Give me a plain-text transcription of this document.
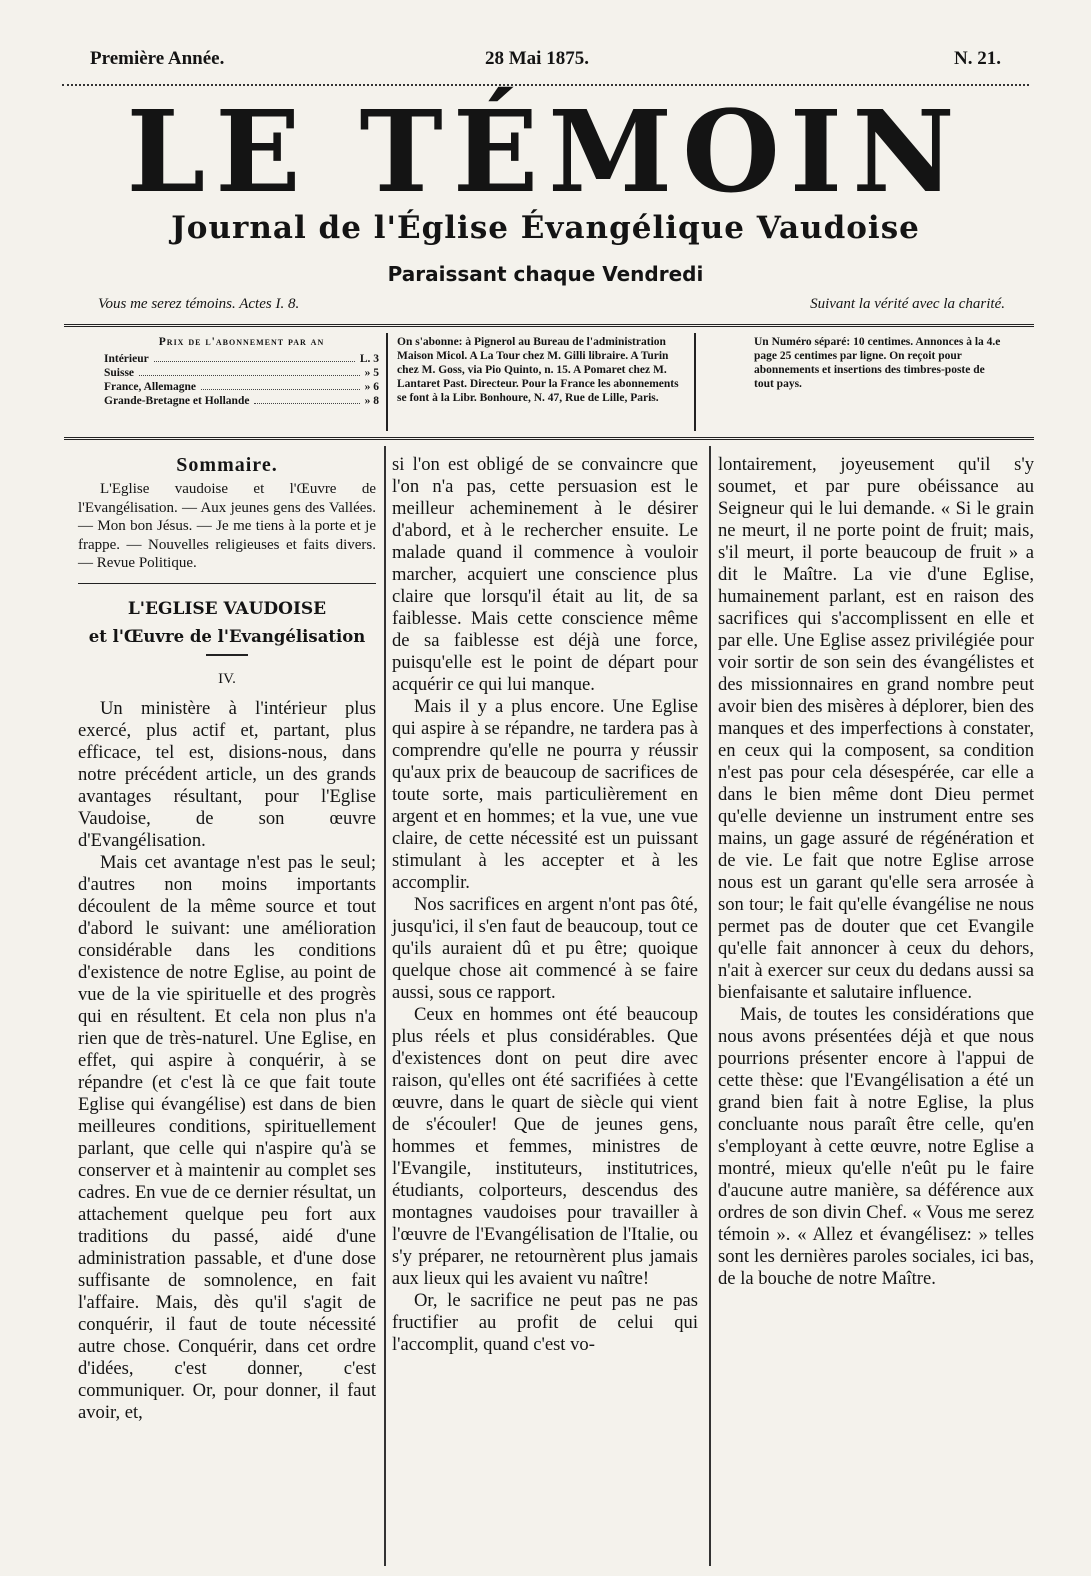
Première Année.	28 Mai 1875.	N. 21.
LE TÉMOIN
Journal de l'Église Évangélique Vaudoise
Paraissant chaque Vendredi
Vous me serez témoins. Actes I. 8.	Suivant la vérité avec la charité.
Prix de l'abonnement par an
Intérieur	L. 3
Suisse	» 5
France, Allemagne	» 6
Grande-Bretagne et Hollande	» 8
On s'abonne: à Pignerol au Bureau de l'administration Maison Micol. A La Tour chez M. Gilli libraire. A Turin chez M. Goss, via Pio Quinto, n. 15. A Pomaret chez M. Lantaret Past. Directeur. Pour la France les abonnements se font à la Libr. Bonhoure, N. 47, Rue de Lille, Paris.
Un Numéro séparé: 10 centimes. Annonces à la 4.e page 25 centimes par ligne. On reçoit pour abonnements et insertions des timbres-poste de tout pays.
Sommaire.

L'Eglise vaudoise et l'Œuvre de l'Evangélisation. — Aux jeunes gens des Vallées. — Mon bon Jésus. — Je me tiens à la porte et je frappe. — Nouvelles religieuses et faits divers. — Revue Politique.

L'EGLISE VAUDOISE
et l'Œuvre de l'Evangélisation
IV.

Un ministère à l'intérieur plus exercé, plus actif et, partant, plus efficace, tel est, disions-nous, dans notre précédent article, un des grands avantages résultant, pour l'Eglise Vaudoise, de son œuvre d'Evangélisation.

Mais cet avantage n'est pas le seul; d'autres non moins importants découlent de la même source et tout d'abord le suivant: une amélioration considérable dans les conditions d'existence de notre Eglise, au point de vue de la vie spirituelle et des progrès qui en résultent. Et cela non plus n'a rien que de très-naturel. Une Eglise, en effet, qui aspire à conquérir, à se répandre (et c'est là ce que fait toute Eglise qui évangélise) est dans de bien meilleures conditions, spirituellement parlant, que celle qui n'aspire qu'à se conserver et à maintenir au complet ses cadres. En vue de ce dernier résultat, un attachement quelque peu fort aux traditions du passé, aidé d'une administration passable, et d'une dose suffisante de somnolence, en fait l'affaire. Mais, dès qu'il s'agit de conquérir, il faut de toute nécessité autre chose. Conquérir, dans cet ordre d'idées, c'est donner, c'est communiquer. Or, pour donner, il faut avoir, et,

si l'on est obligé de se convaincre que l'on n'a pas, cette persuasion est le meilleur acheminement à le désirer d'abord, et à le rechercher ensuite. Le malade quand il commence à vouloir marcher, acquiert une conscience plus claire que lorsqu'il était au lit, de sa faiblesse. Mais cette conscience même de sa faiblesse est déjà une force, puisqu'elle est le point de départ pour acquérir ce qui lui manque.

Mais il y a plus encore. Une Eglise qui aspire à se répandre, ne tardera pas à comprendre qu'elle ne pourra y réussir qu'aux prix de beaucoup de sacrifices de toute sorte, mais particulièrement en argent et en hommes; et la vue, une vue claire, de cette nécessité est un puissant stimulant à les accepter et à les accomplir.

Nos sacrifices en argent n'ont pas ôté, jusqu'ici, il s'en faut de beaucoup, tout ce qu'ils auraient dû et pu être; quoique quelque chose ait commencé à se faire aussi, sous ce rapport.

Ceux en hommes ont été beaucoup plus réels et plus considérables. Que d'existences dont on peut dire avec raison, qu'elles ont été sacrifiées à cette œuvre, dans le quart de siècle qui vient de s'écouler! Que de jeunes gens, hommes et femmes, ministres de l'Evangile, instituteurs, institutrices, étudiants, colporteurs, descendus des montagnes vaudoises pour travailler à l'œuvre de l'Evangélisation de l'Italie, ou s'y préparer, ne retournèrent plus jamais aux lieux qui les avaient vu naître!

Or, le sacrifice ne peut pas ne pas fructifier au profit de celui qui l'accomplit, quand c'est vo-

lontairement, joyeusement qu'il s'y soumet, et par pure obéissance au Seigneur qui le lui demande. « Si le grain ne meurt, il ne porte point de fruit; mais, s'il meurt, il porte beaucoup de fruit » a dit le Maître. La vie d'une Eglise, humainement parlant, est en raison des sacrifices qui s'accomplissent en elle et par elle. Une Eglise assez privilégiée pour voir sortir de son sein des évangélistes et des missionnaires en grand nombre peut avoir bien des misères à déplorer, bien des manques et des imperfections à constater, en ceux qui la composent, sa condition n'est pas pour cela désespérée, car elle a dans le bien même dont Dieu permet qu'elle devienne un instrument entre ses mains, un gage assuré de régénération et de vie. Le fait que notre Eglise arrose nous est un garant qu'elle sera arrosée à son tour; le fait qu'elle évangélise ne nous permet pas de douter que cet Evangile qu'elle fait annoncer à ceux du dehors, n'ait à exercer sur ceux du dedans aussi sa bienfaisante et salutaire influence.

Mais, de toutes les considérations que nous avons présentées déjà et que nous pourrions présenter encore à l'appui de cette thèse: que l'Evangélisation a été un grand bien fait à notre Eglise, la plus concluante nous paraît être celle, qu'en s'employant à cette œuvre, notre Eglise a montré, mieux qu'elle n'eût pu le faire d'aucune autre manière, sa déférence aux ordres de son divin Chef. « Vous me serez témoin ». « Allez et évangélisez: » telles sont les dernières paroles sociales, ici bas, de la bouche de notre Maître.
